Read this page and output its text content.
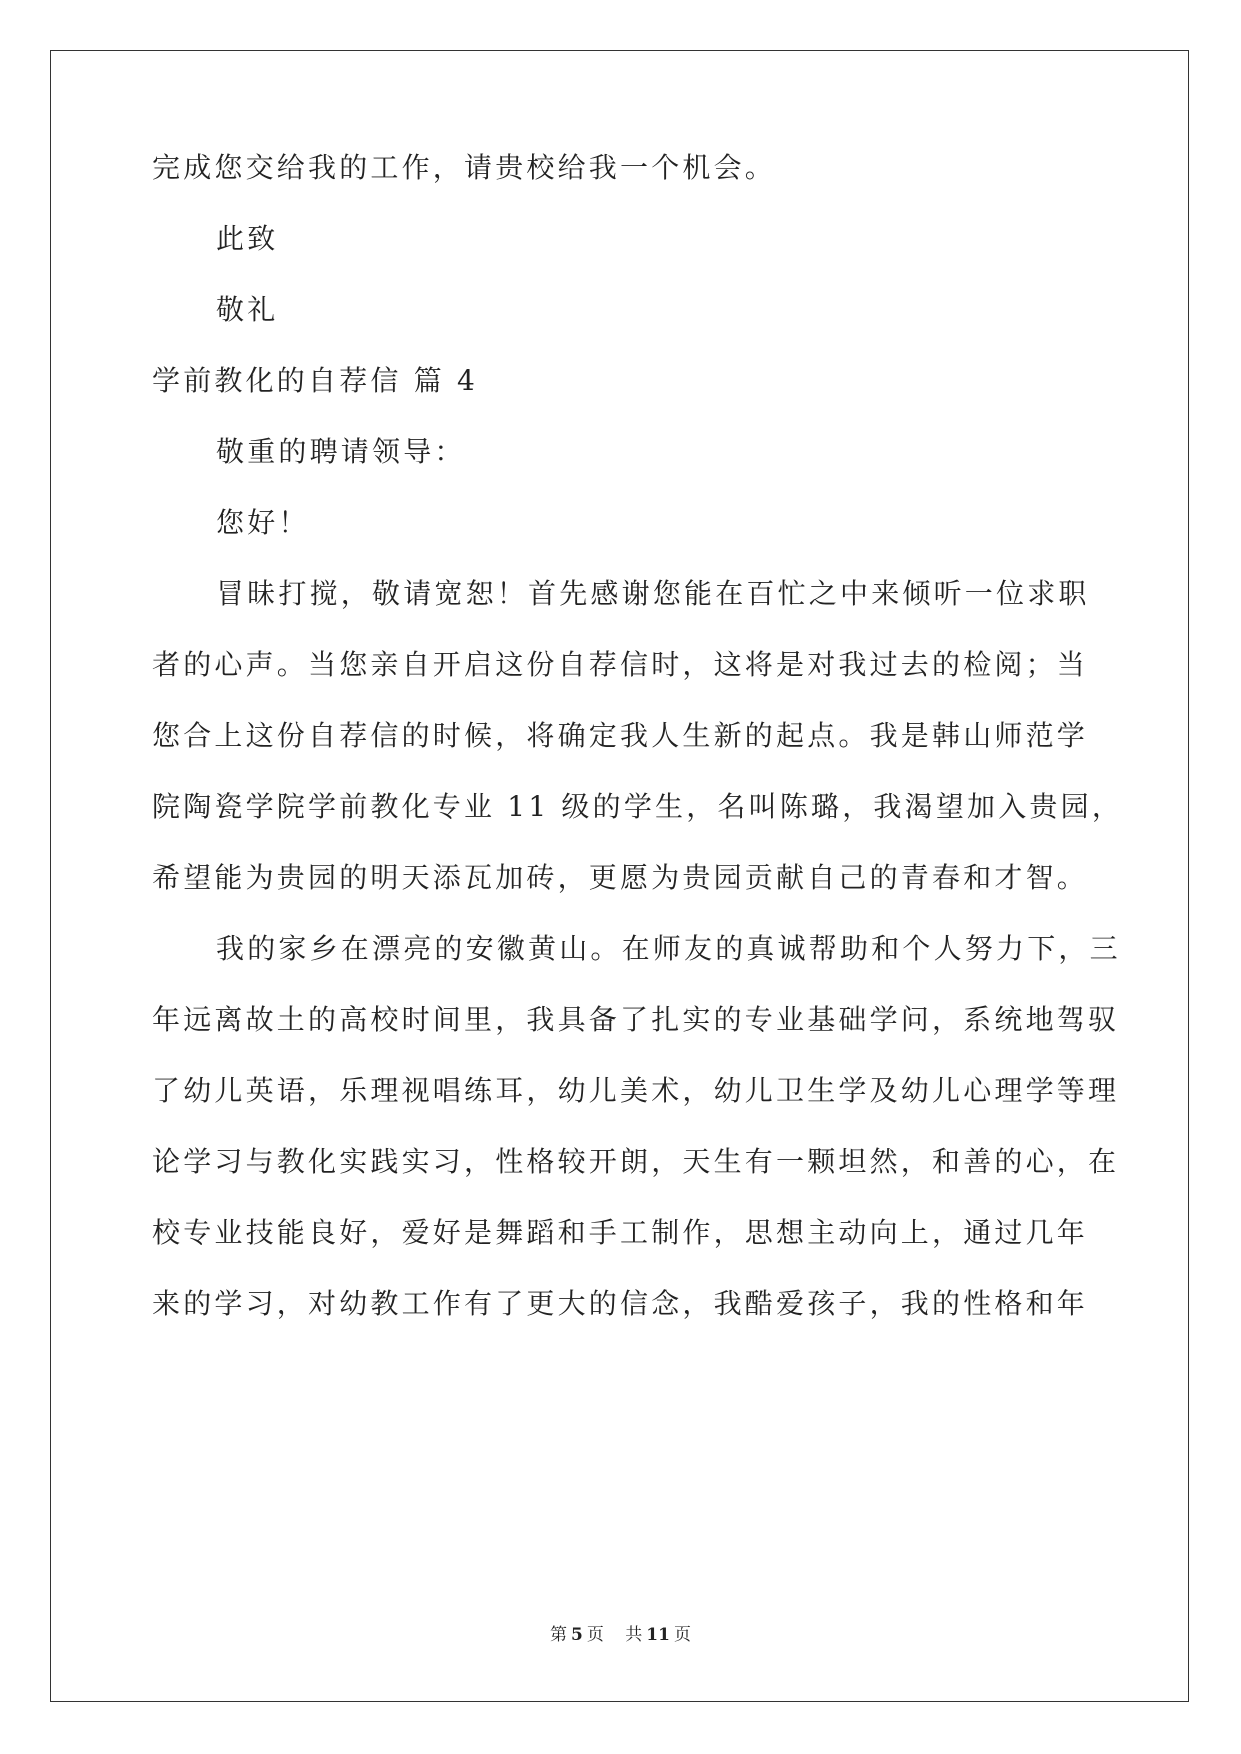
完成您交给我的工作，请贵校给我一个机会。
此致
敬礼
学前教化的自荐信 篇 4
敬重的聘请领导：
您好！
冒昧打搅，敬请宽恕！首先感谢您能在百忙之中来倾听一位求职
者的心声。当您亲自开启这份自荐信时，这将是对我过去的检阅；当
您合上这份自荐信的时候，将确定我人生新的起点。我是韩山师范学
院陶瓷学院学前教化专业 11 级的学生，名叫陈璐，我渴望加入贵园，
希望能为贵园的明天添瓦加砖，更愿为贵园贡献自己的青春和才智。
我的家乡在漂亮的安徽黄山。在师友的真诚帮助和个人努力下，三
年远离故土的高校时间里，我具备了扎实的专业基础学问，系统地驾驭
了幼儿英语，乐理视唱练耳，幼儿美术，幼儿卫生学及幼儿心理学等理
论学习与教化实践实习，性格较开朗，天生有一颗坦然，和善的心，在
校专业技能良好，爱好是舞蹈和手工制作，思想主动向上，通过几年
来的学习，对幼教工作有了更大的信念，我酷爱孩子，我的性格和年
第 5 页 共 11 页
